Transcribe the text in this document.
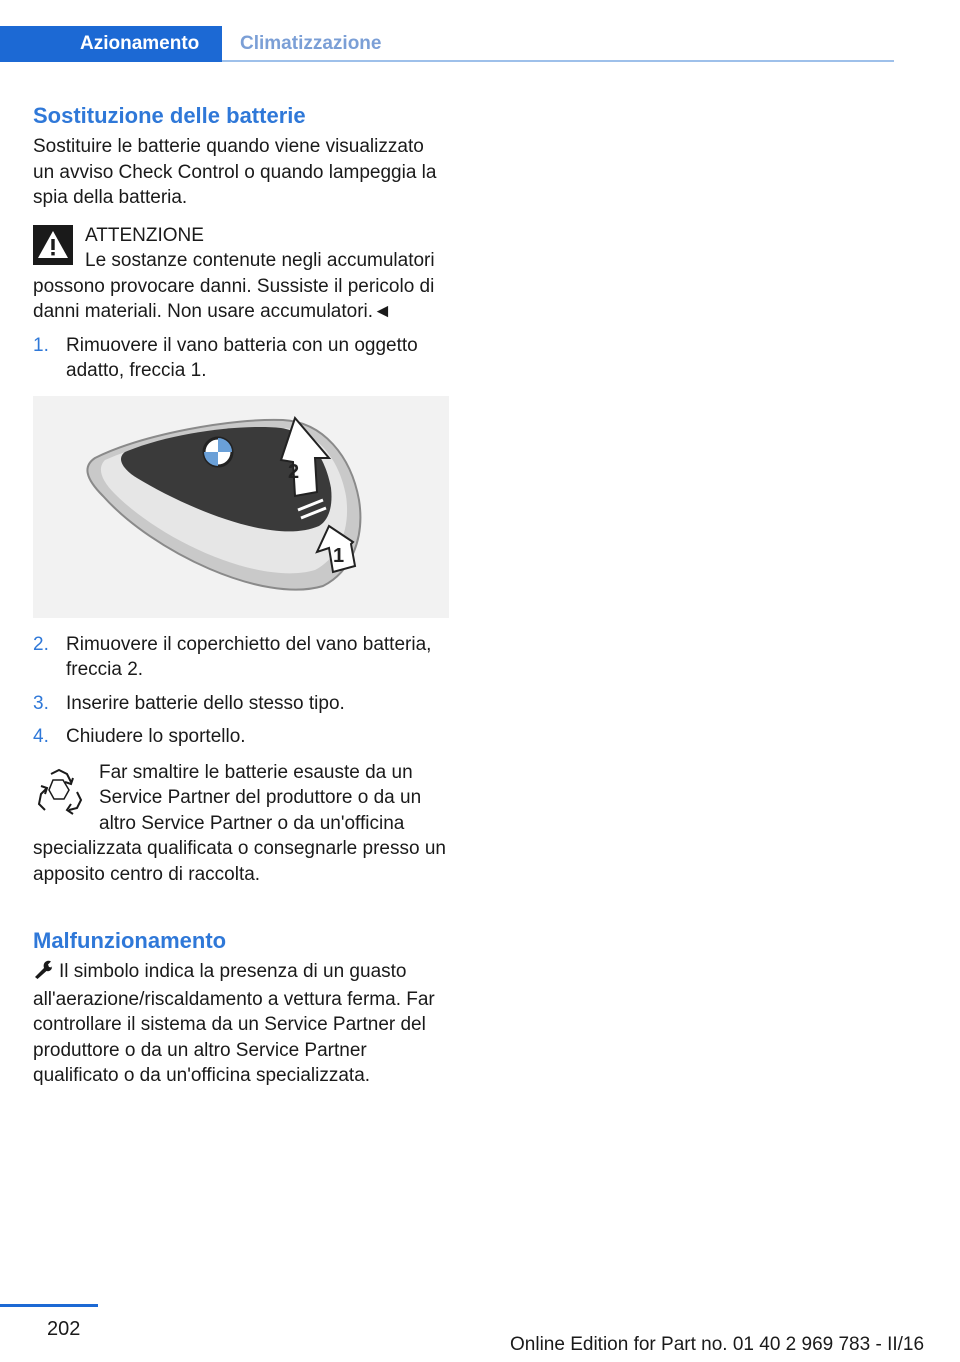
Azionamento	Climatizzazione
Sostituzione delle batterie

Sostituire le batterie quando viene visualizzato un avviso Check Control o quando lampeggia la spia della batteria.

ATTENZIONE
Le sostanze contenute negli accumulatori possono provocare danni. Sussiste il pericolo di danni materiali. Non usare accumulatori.◄

1. Rimuovere il vano batteria con un oggetto adatto, freccia 1.
2
1
2. Rimuovere il coperchietto del vano batteria, freccia 2.
3. Inserire batterie dello stesso tipo.
4. Chiudere lo sportello.

Far smaltire le batterie esauste da un Service Partner del produttore o da un altro Service Partner o da un'officina specializzata qualificata o consegnarle presso un apposito centro di raccolta.

Malfunzionamento

Il simbolo indica la presenza di un guasto all'aerazione/riscaldamento a vettura ferma. Far controllare il sistema da un Service Partner del produttore o da un altro Service Partner qualificato o da un'officina specializzata.

202
Online Edition for Part no. 01 40 2 969 783 - II/16
